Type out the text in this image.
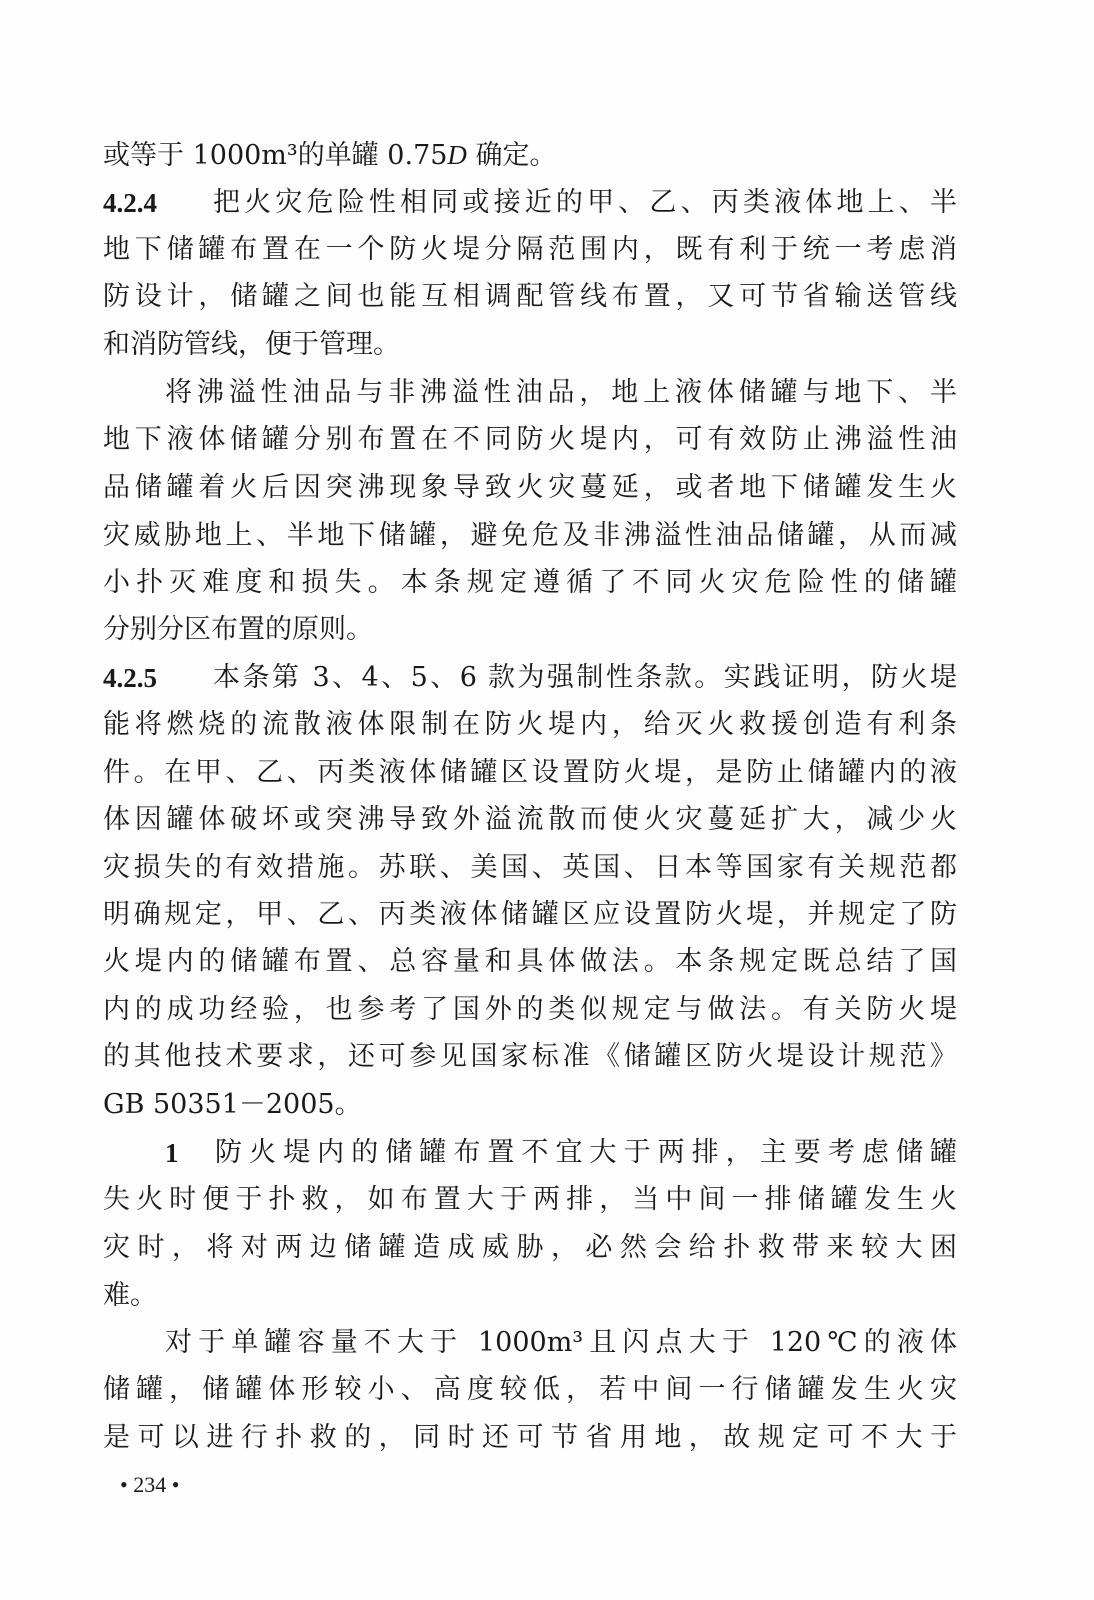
或等于 1000m³的单罐 0.75D 确定。
4.2.4	把火灾危险性相同或接近的甲、乙、丙类液体地上、半
地下储罐布置在一个防火堤分隔范围内，既有利于统一考虑消
防设计，储罐之间也能互相调配管线布置，又可节省输送管线
和消防管线，便于管理。
将沸溢性油品与非沸溢性油品，地上液体储罐与地下、半
地下液体储罐分别布置在不同防火堤内，可有效防止沸溢性油
品储罐着火后因突沸现象导致火灾蔓延，或者地下储罐发生火
灾威胁地上、半地下储罐，避免危及非沸溢性油品储罐，从而减
小扑灭难度和损失。本条规定遵循了不同火灾危险性的储罐
分别分区布置的原则。
4.2.5	本条第 3、4、5、6 款为强制性条款。实践证明，防火堤
能将燃烧的流散液体限制在防火堤内，给灭火救援创造有利条
件。在甲、乙、丙类液体储罐区设置防火堤，是防止储罐内的液
体因罐体破坏或突沸导致外溢流散而使火灾蔓延扩大，减少火
灾损失的有效措施。苏联、美国、英国、日本等国家有关规范都
明确规定，甲、乙、丙类液体储罐区应设置防火堤，并规定了防
火堤内的储罐布置、总容量和具体做法。本条规定既总结了国
内的成功经验，也参考了国外的类似规定与做法。有关防火堤
的其他技术要求，还可参见国家标准《储罐区防火堤设计规范》
GB 50351－2005。
1	防火堤内的储罐布置不宜大于两排，主要考虑储罐
失火时便于扑救，如布置大于两排，当中间一排储罐发生火
灾时，将对两边储罐造成威胁，必然会给扑救带来较大困
难。
对于单罐容量不大于 1000m³且闪点大于 120℃的液体
储罐，储罐体形较小、高度较低，若中间一行储罐发生火灾
是可以进行扑救的，同时还可节省用地，故规定可不大于
• 234 •
